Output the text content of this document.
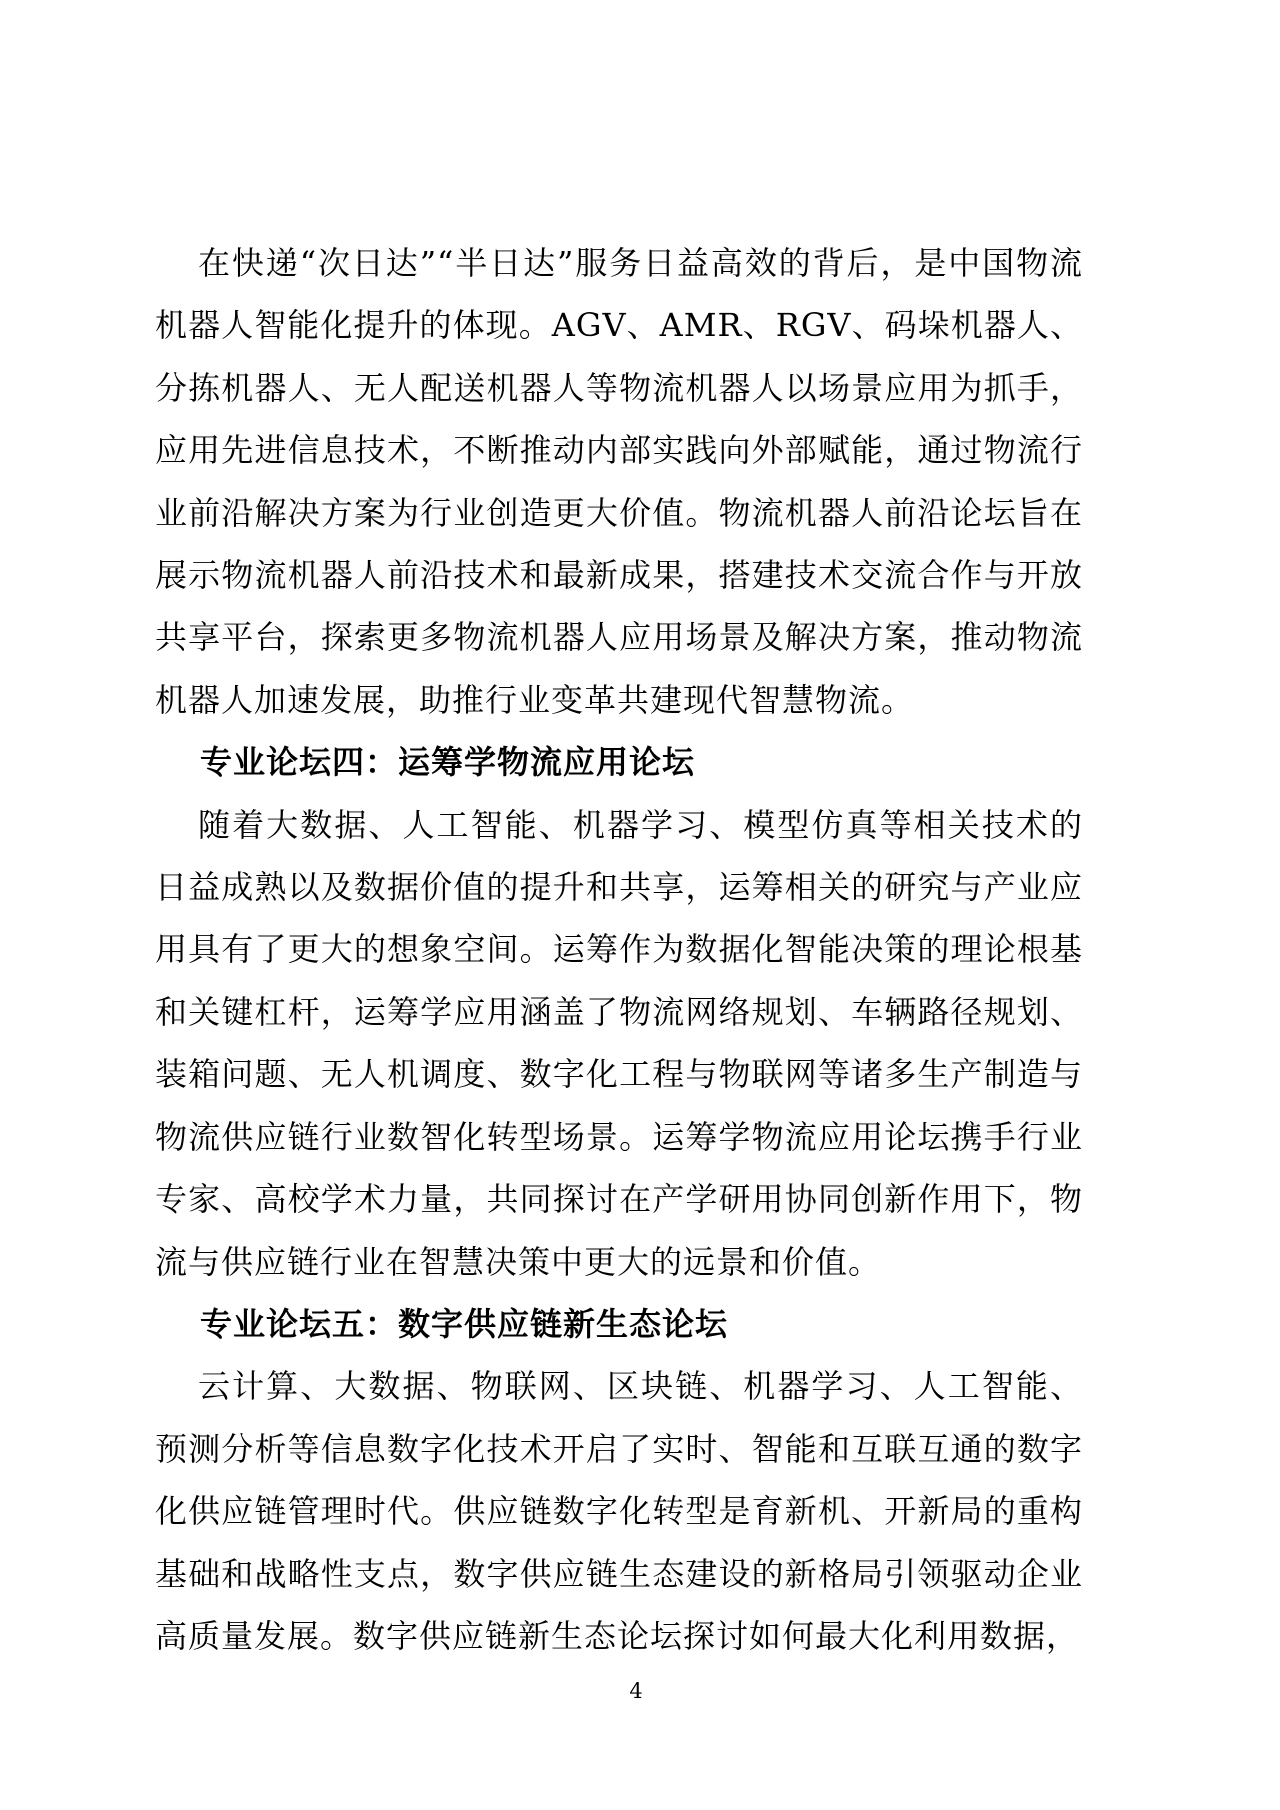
在快递“次日达”“半日达”服务日益高效的背后，是中国物流机器人智能化提升的体现。AGV、AMR、RGV、码垛机器人、分拣机器人、无人配送机器人等物流机器人以场景应用为抓手，应用先进信息技术，不断推动内部实践向外部赋能，通过物流行业前沿解决方案为行业创造更大价值。物流机器人前沿论坛旨在展示物流机器人前沿技术和最新成果，搭建技术交流合作与开放共享平台，探索更多物流机器人应用场景及解决方案，推动物流机器人加速发展，助推行业变革共建现代智慧物流。

专业论坛四：运筹学物流应用论坛

随着大数据、人工智能、机器学习、模型仿真等相关技术的日益成熟以及数据价值的提升和共享，运筹相关的研究与产业应用具有了更大的想象空间。运筹作为数据化智能决策的理论根基和关键杠杆，运筹学应用涵盖了物流网络规划、车辆路径规划、装箱问题、无人机调度、数字化工程与物联网等诸多生产制造与物流供应链行业数智化转型场景。运筹学物流应用论坛携手行业专家、高校学术力量，共同探讨在产学研用协同创新作用下，物流与供应链行业在智慧决策中更大的远景和价值。

专业论坛五：数字供应链新生态论坛

云计算、大数据、物联网、区块链、机器学习、人工智能、预测分析等信息数字化技术开启了实时、智能和互联互通的数字化供应链管理时代。供应链数字化转型是育新机、开新局的重构基础和战略性支点，数字供应链生态建设的新格局引领驱动企业高质量发展。数字供应链新生态论坛探讨如何最大化利用数据，

4
